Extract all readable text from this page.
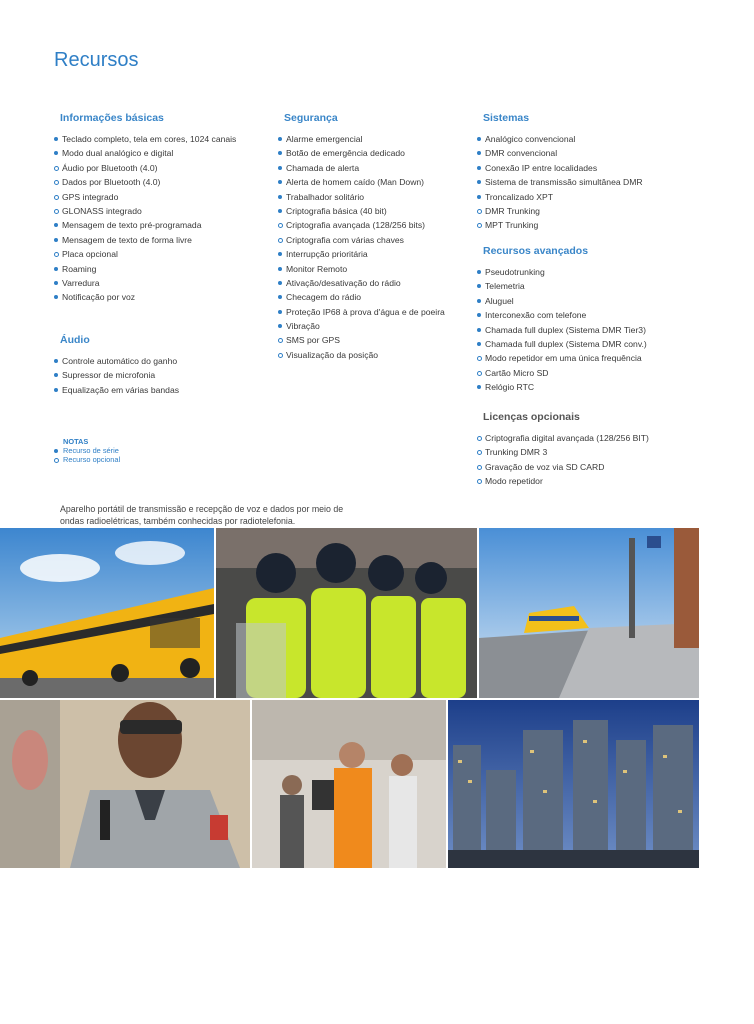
Recursos
Informações básicas
Teclado completo, tela em cores, 1024 canais
Modo dual analógico e digital
Áudio por Bluetooth (4.0)
Dados por Bluetooth (4.0)
GPS integrado
GLONASS integrado
Mensagem de texto pré-programada
Mensagem de texto de forma livre
Placa opcional
Roaming
Varredura
Notificação por voz
Áudio
Controle automático do ganho
Supressor de microfonia
Equalização em várias bandas
Segurança
Alarme emergencial
Botão de emergência dedicado
Chamada de alerta
Alerta de homem caído (Man Down)
Trabalhador solitário
Criptografia básica (40 bit)
Criptografia avançada (128/256 bits)
Criptografia com várias chaves
Interrupção prioritária
Monitor Remoto
Ativação/desativação do rádio
Checagem do rádio
Proteção IP68 à prova d'água e de poeira
Vibração
SMS por GPS
Visualização da posição
Sistemas
Analógico convencional
DMR convencional
Conexão IP entre localidades
Sistema de transmissão simultânea DMR
Troncalizado XPT
DMR Trunking
MPT Trunking
Recursos avançados
Pseudotrunking
Telemetria
Aluguel
Interconexão com telefone
Chamada full duplex (Sistema DMR Tier3)
Chamada full duplex (Sistema DMR conv.)
Modo repetidor em uma única frequência
Cartão Micro SD
Relógio RTC
Licenças opcionais
Criptografia digital avançada (128/256 BIT)
Trunking DMR 3
Gravação de voz via SD CARD
Modo repetidor
NOTAS
Recurso de série
Recurso opcional
Aparelho portátil de transmissão e recepção de voz e dados por meio de ondas radioelétricas, também conhecidas por radiotelefonia.
